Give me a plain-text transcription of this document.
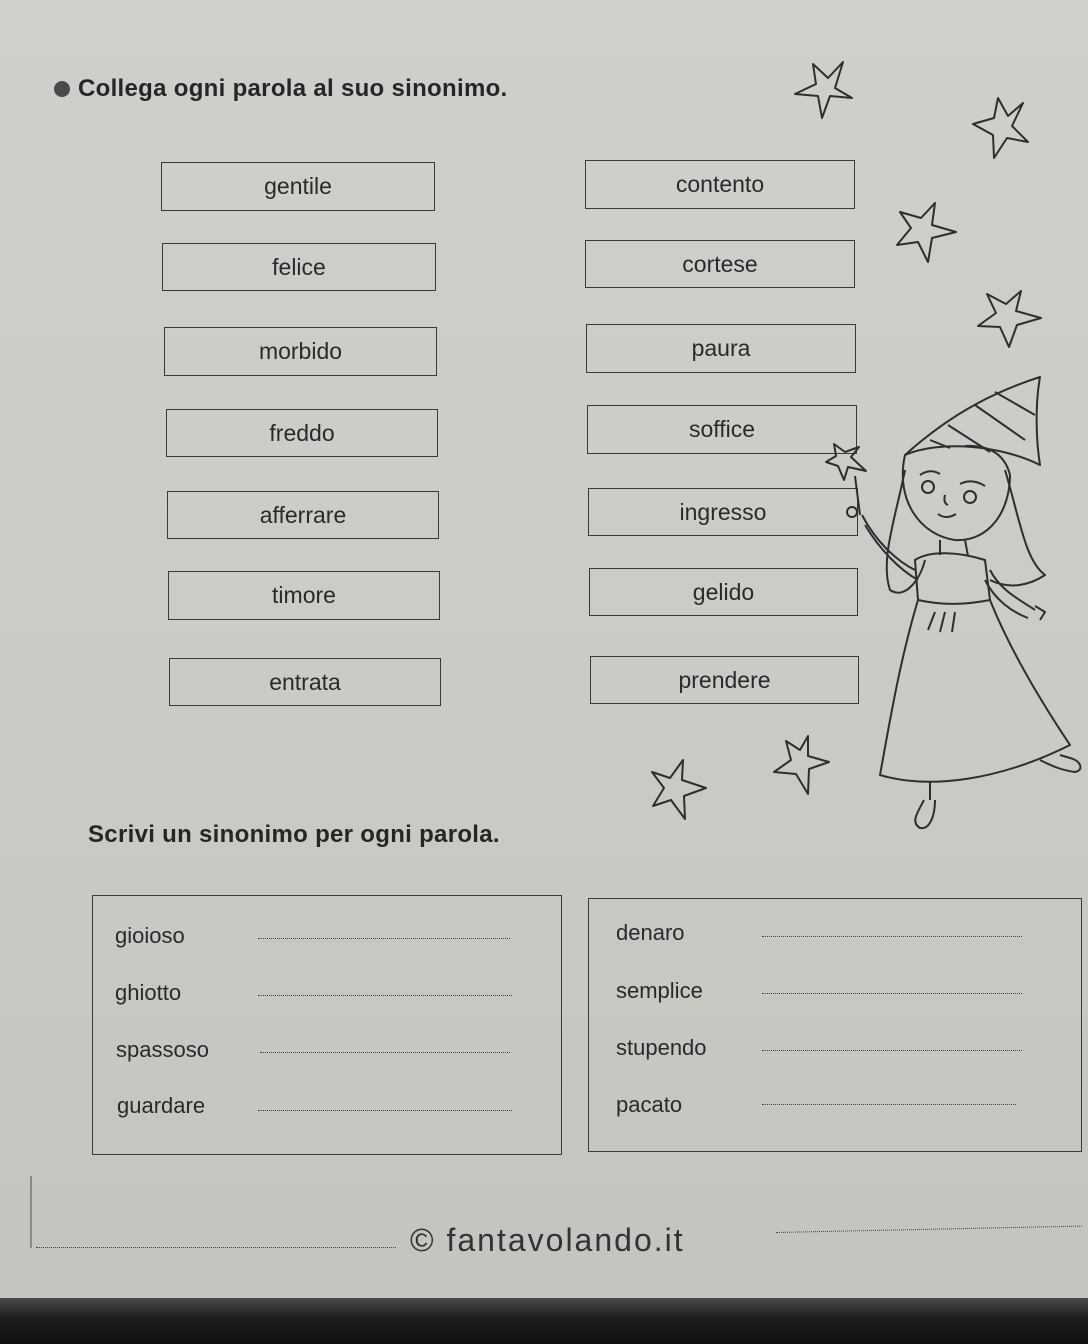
Collega ogni parola al suo sinonimo.
gentile
felice
morbido
freddo
afferrare
timore
entrata
contento
cortese
paura
soffice
ingresso
gelido
prendere
Scrivi un sinonimo per ogni parola.
gioioso
ghiotto
spassoso
guardare
denaro
semplice
stupendo
pacato
© fantavolando.it
